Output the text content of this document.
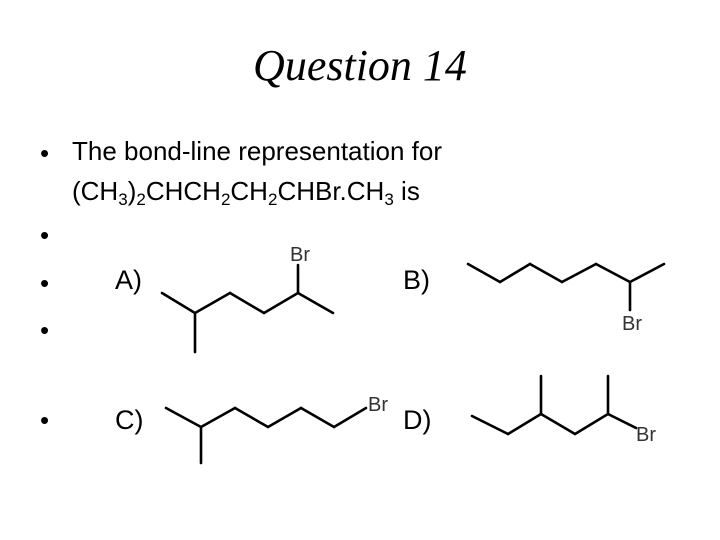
Question 14
• The bond-line representation for
$(CH_3)_2CHCH_2CH_2CHBr.CH_3$ is
•
•
•
•
A)	B)
C)	D)
Br
Br
Br
Br
